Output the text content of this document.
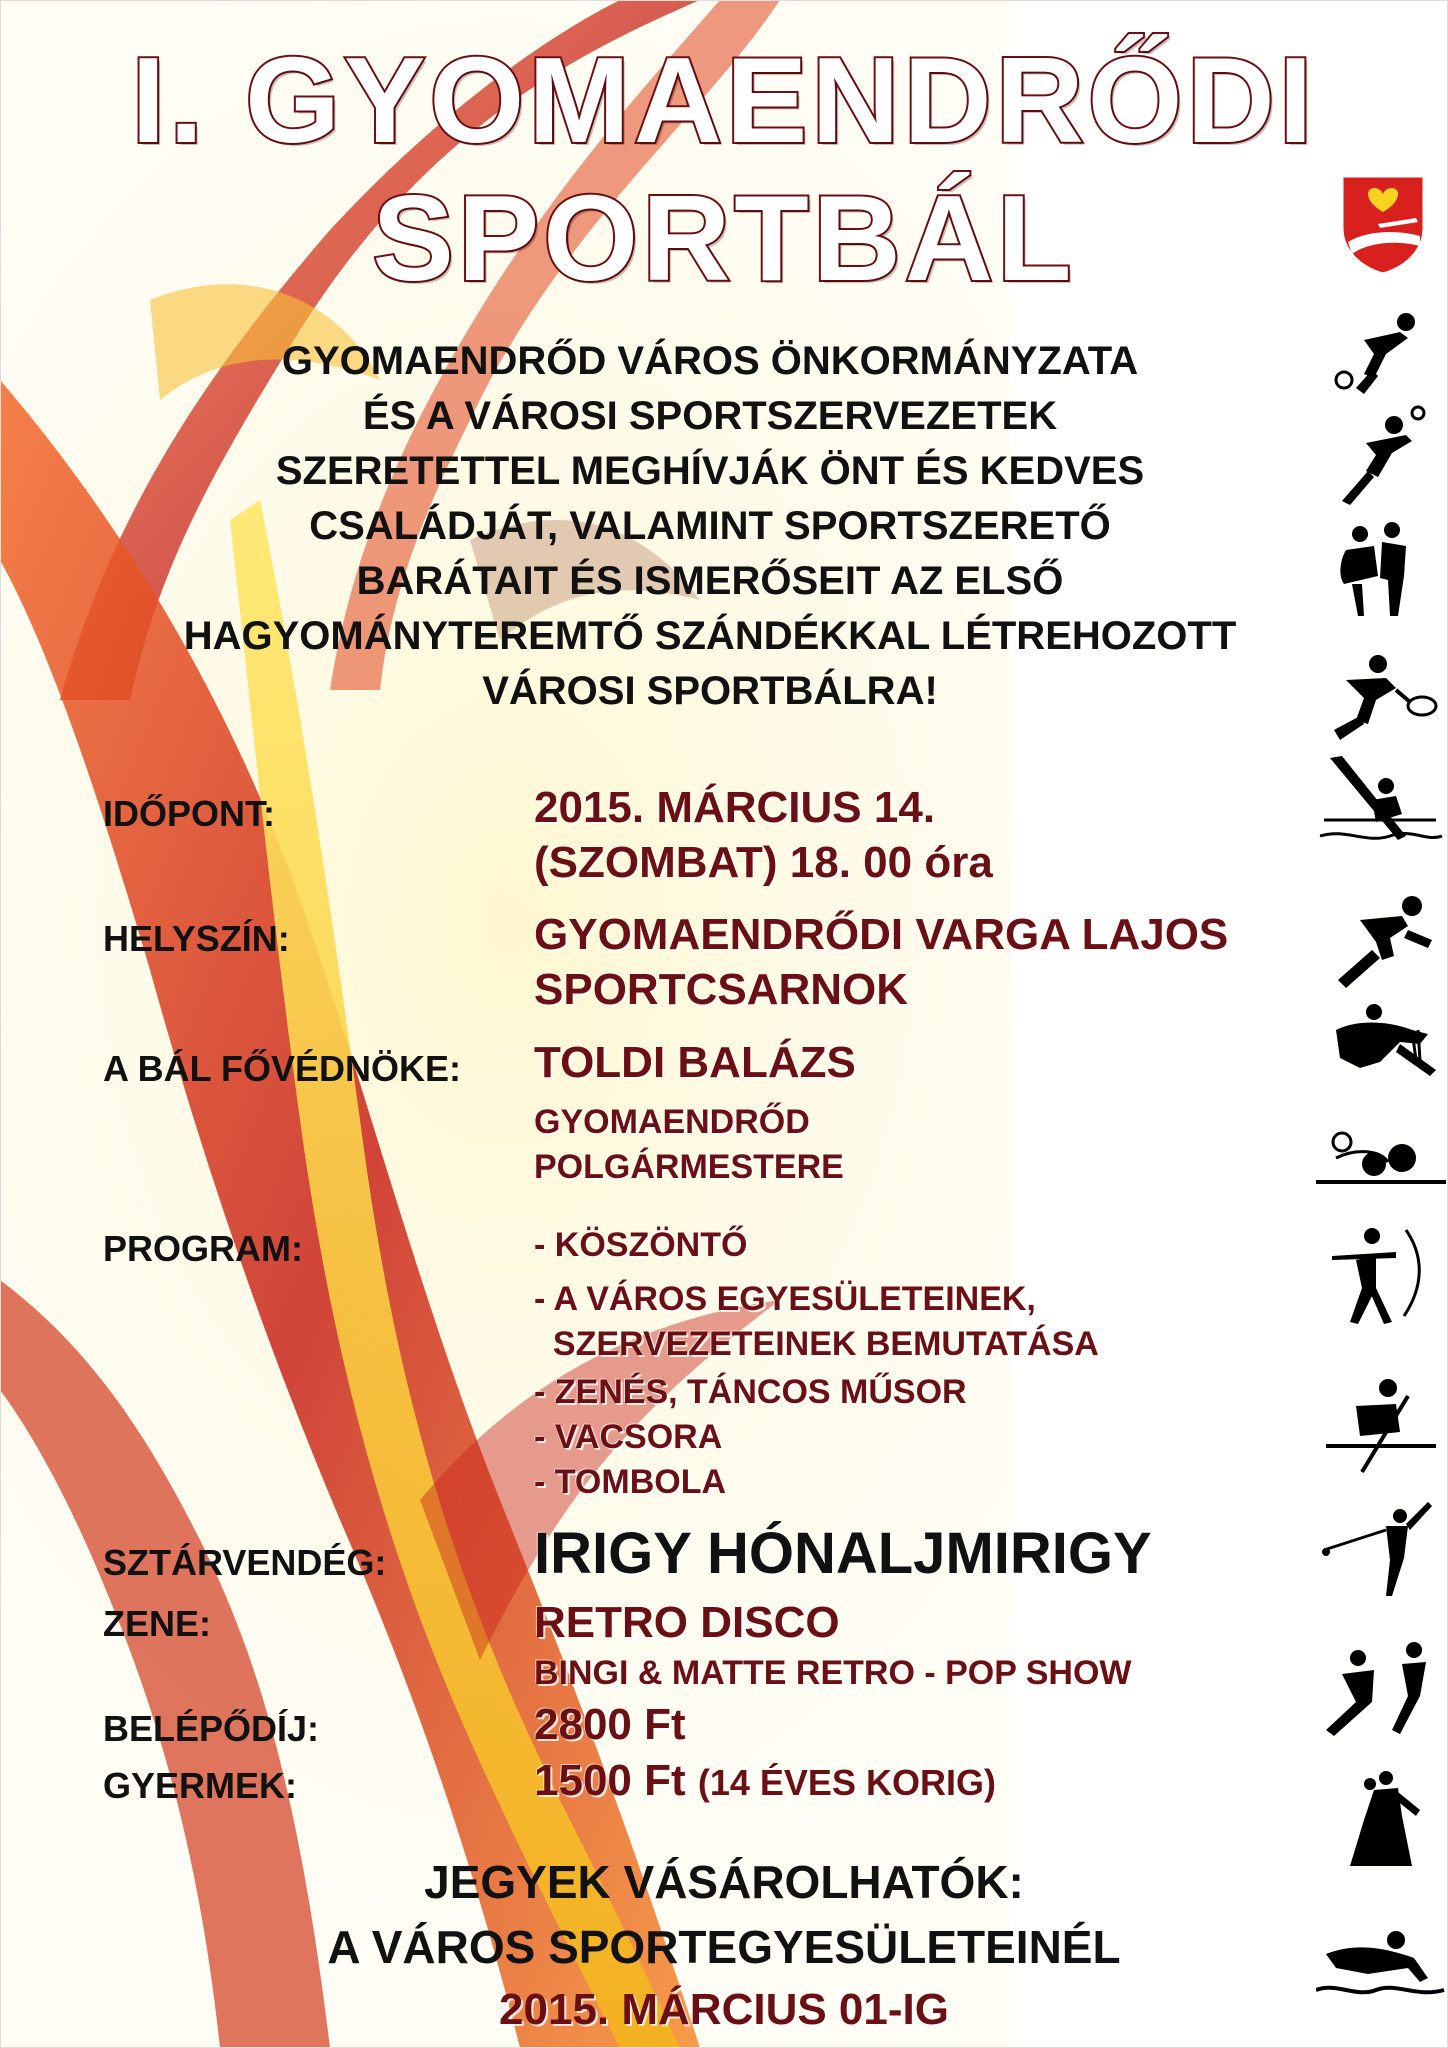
I. GYOMAENDRŐDI
SPORTBÁL
GYOMAENDRŐD VÁROS ÖNKORMÁNYZATA
ÉS A VÁROSI SPORTSZERVEZETEK
SZERETETTEL MEGHÍVJÁK ÖNT ÉS KEDVES
CSALÁDJÁT, VALAMINT SPORTSZERETŐ
BARÁTAIT ÉS ISMERŐSEIT AZ ELSŐ
HAGYOMÁNYTEREMTŐ SZÁNDÉKKAL LÉTREHOZOTT
VÁROSI SPORTBÁLRA!
IDŐPONT:	2015. MÁRCIUS 14.
(SZOMBAT) 18. 00 óra
HELYSZÍN:	GYOMAENDRŐDI VARGA LAJOS
SPORTCSARNOK
A BÁL FŐVÉDNÖKE: TOLDI BALÁZS
GYOMAENDRŐD
POLGÁRMESTERE
PROGRAM:	- KÖSZÖNTŐ
- A VÁROS EGYESÜLETEINEK,
SZERVEZETEINEK BEMUTATÁSA
- ZENÉS, TÁNCOS MŰSOR
- VACSORA
- TOMBOLA
SZTÁRVENDÉG:	IRIGY HÓNALJMIRIGY
ZENE:	RETRO DISCO
BINGI & MATTE RETRO - POP SHOW
BELÉPŐDÍJ:	2800 Ft
GYERMEK:	1500 Ft (14 ÉVES KORIG)
JEGYEK VÁSÁROLHATÓK:
A VÁROS SPORTEGYESÜLETEINÉL
2015. MÁRCIUS 01-IG
